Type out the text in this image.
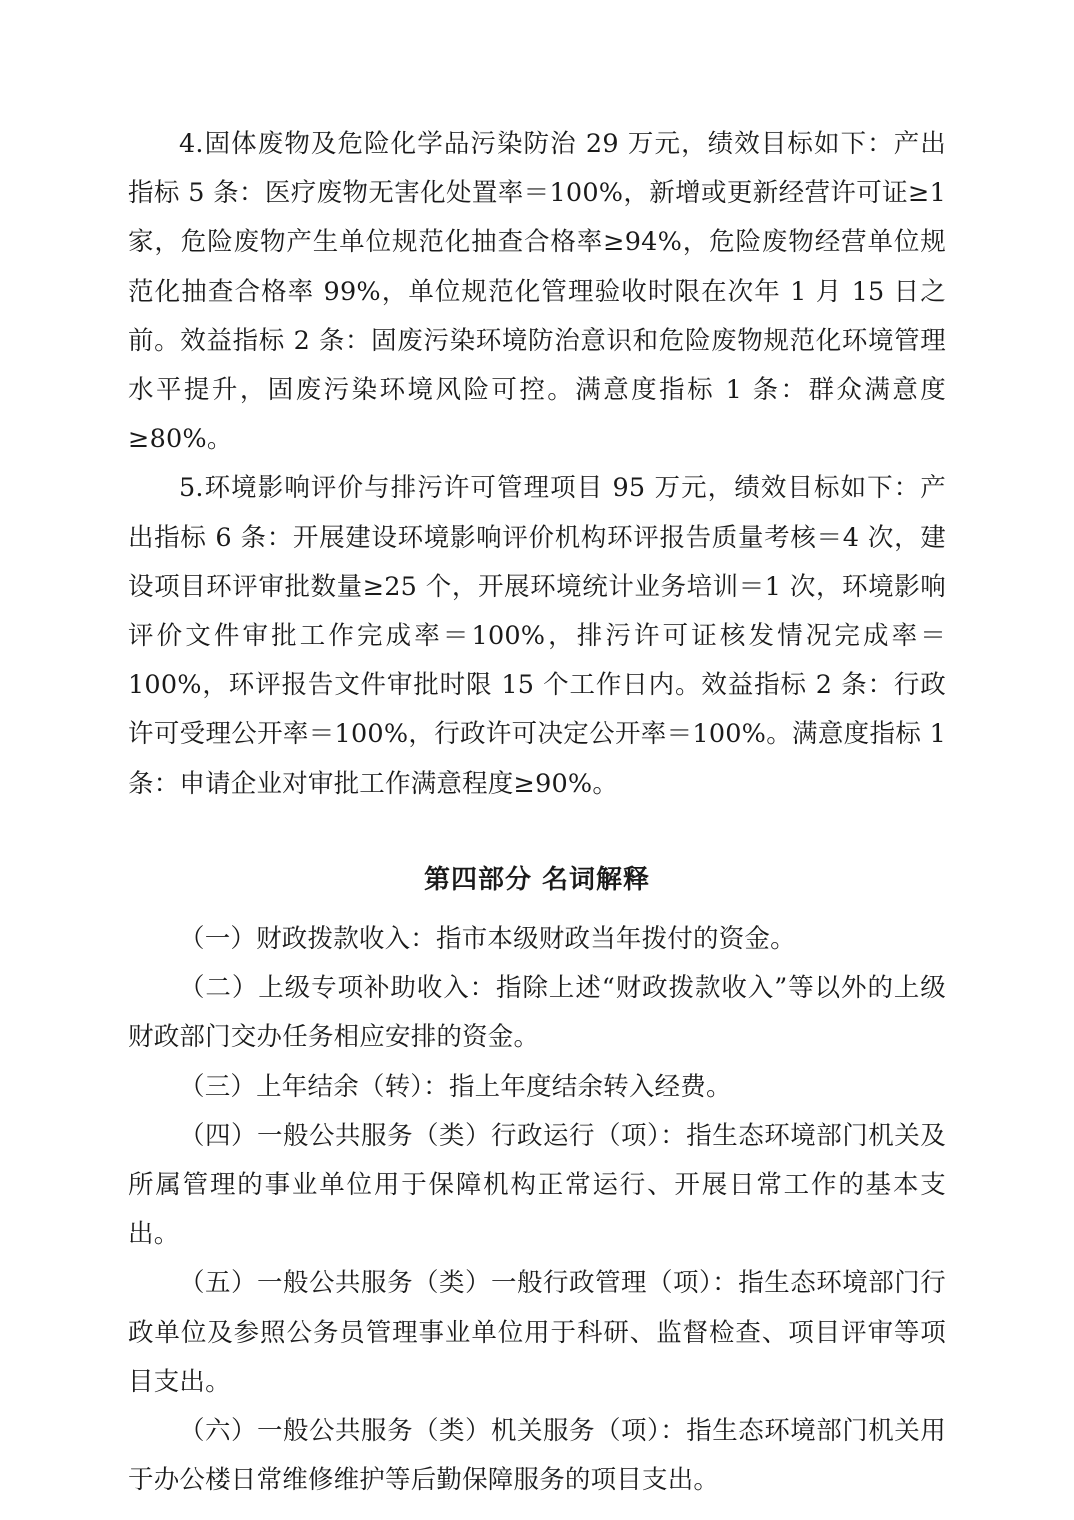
4.固体废物及危险化学品污染防治 29 万元，绩效目标如下：产出指标 5 条：医疗废物无害化处置率＝100%，新增或更新经营许可证≥1 家，危险废物产生单位规范化抽查合格率≥94%，危险废物经营单位规范化抽查合格率 99%，单位规范化管理验收时限在次年 1 月 15 日之前。效益指标 2 条：固废污染环境防治意识和危险废物规范化环境管理水平提升，固废污染环境风险可控。满意度指标 1 条：群众满意度≥80%。

5.环境影响评价与排污许可管理项目 95 万元，绩效目标如下：产出指标 6 条：开展建设环境影响评价机构环评报告质量考核＝4 次，建设项目环评审批数量≥25 个，开展环境统计业务培训＝1 次，环境影响评价文件审批工作完成率＝100%，排污许可证核发情况完成率＝100%，环评报告文件审批时限 15 个工作日内。效益指标 2 条：行政许可受理公开率＝100%，行政许可决定公开率＝100%。满意度指标 1 条：申请企业对审批工作满意程度≥90%。

第四部分 名词解释

（一）财政拨款收入：指市本级财政当年拨付的资金。

（二）上级专项补助收入：指除上述“财政拨款收入”等以外的上级财政部门交办任务相应安排的资金。

（三）上年结余（转）：指上年度结余转入经费。

（四）一般公共服务（类）行政运行（项）：指生态环境部门机关及所属管理的事业单位用于保障机构正常运行、开展日常工作的基本支出。

（五）一般公共服务（类）一般行政管理（项）：指生态环境部门行政单位及参照公务员管理事业单位用于科研、监督检查、项目评审等项目支出。

（六）一般公共服务（类）机关服务（项）：指生态环境部门机关用于办公楼日常维修维护等后勤保障服务的项目支出。
